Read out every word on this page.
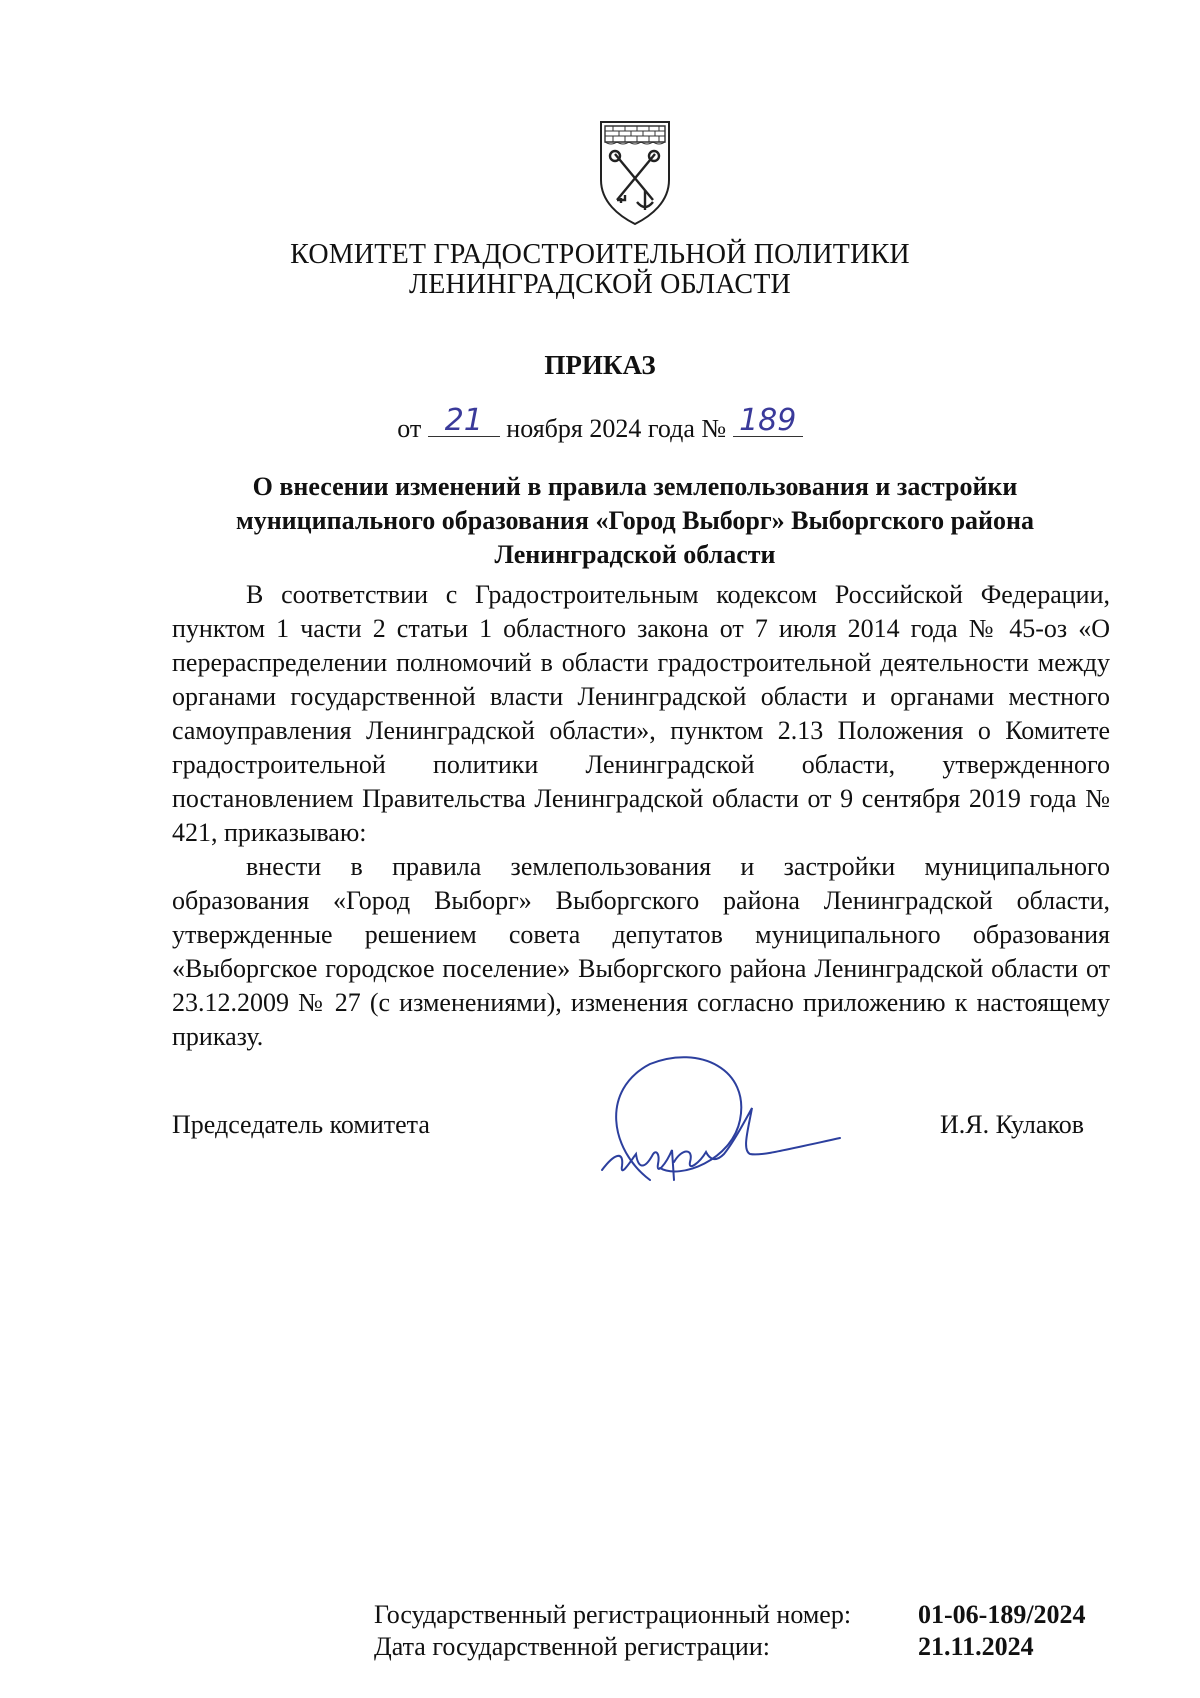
КОМИТЕТ ГРАДОСТРОИТЕЛЬНОЙ ПОЛИТИКИ
ЛЕНИНГРАДСКОЙ ОБЛАСТИ
ПРИКАЗ
от 21 ноября 2024 года № 189
О внесении изменений в правила землепользования и застройки муниципального образования «Город Выборг» Выборгского района Ленинградской области

В соответствии с Градостроительным кодексом Российской Федерации, пунктом 1 части 2 статьи 1 областного закона от 7 июля 2014 года № 45-оз «О перераспределении полномочий в области градостроительной деятельности между органами государственной власти Ленинградской области и органами местного самоуправления Ленинградской области», пунктом 2.13 Положения о Комитете градостроительной политики Ленинградской области, утвержденного постановлением Правительства Ленинградской области от 9 сентября 2019 года № 421, приказываю:

внести в правила землепользования и застройки муниципального образования «Город Выборг» Выборгского района Ленинградской области, утвержденные решением совета депутатов муниципального образования «Выборгское городское поселение» Выборгского района Ленинградской области от 23.12.2009 № 27 (с изменениями), изменения согласно приложению к настоящему приказу.

Председатель комитета	И.Я. Кулаков
Государственный регистрационный номер:	01-06-189/2024
Дата государственной регистрации:	21.11.2024
